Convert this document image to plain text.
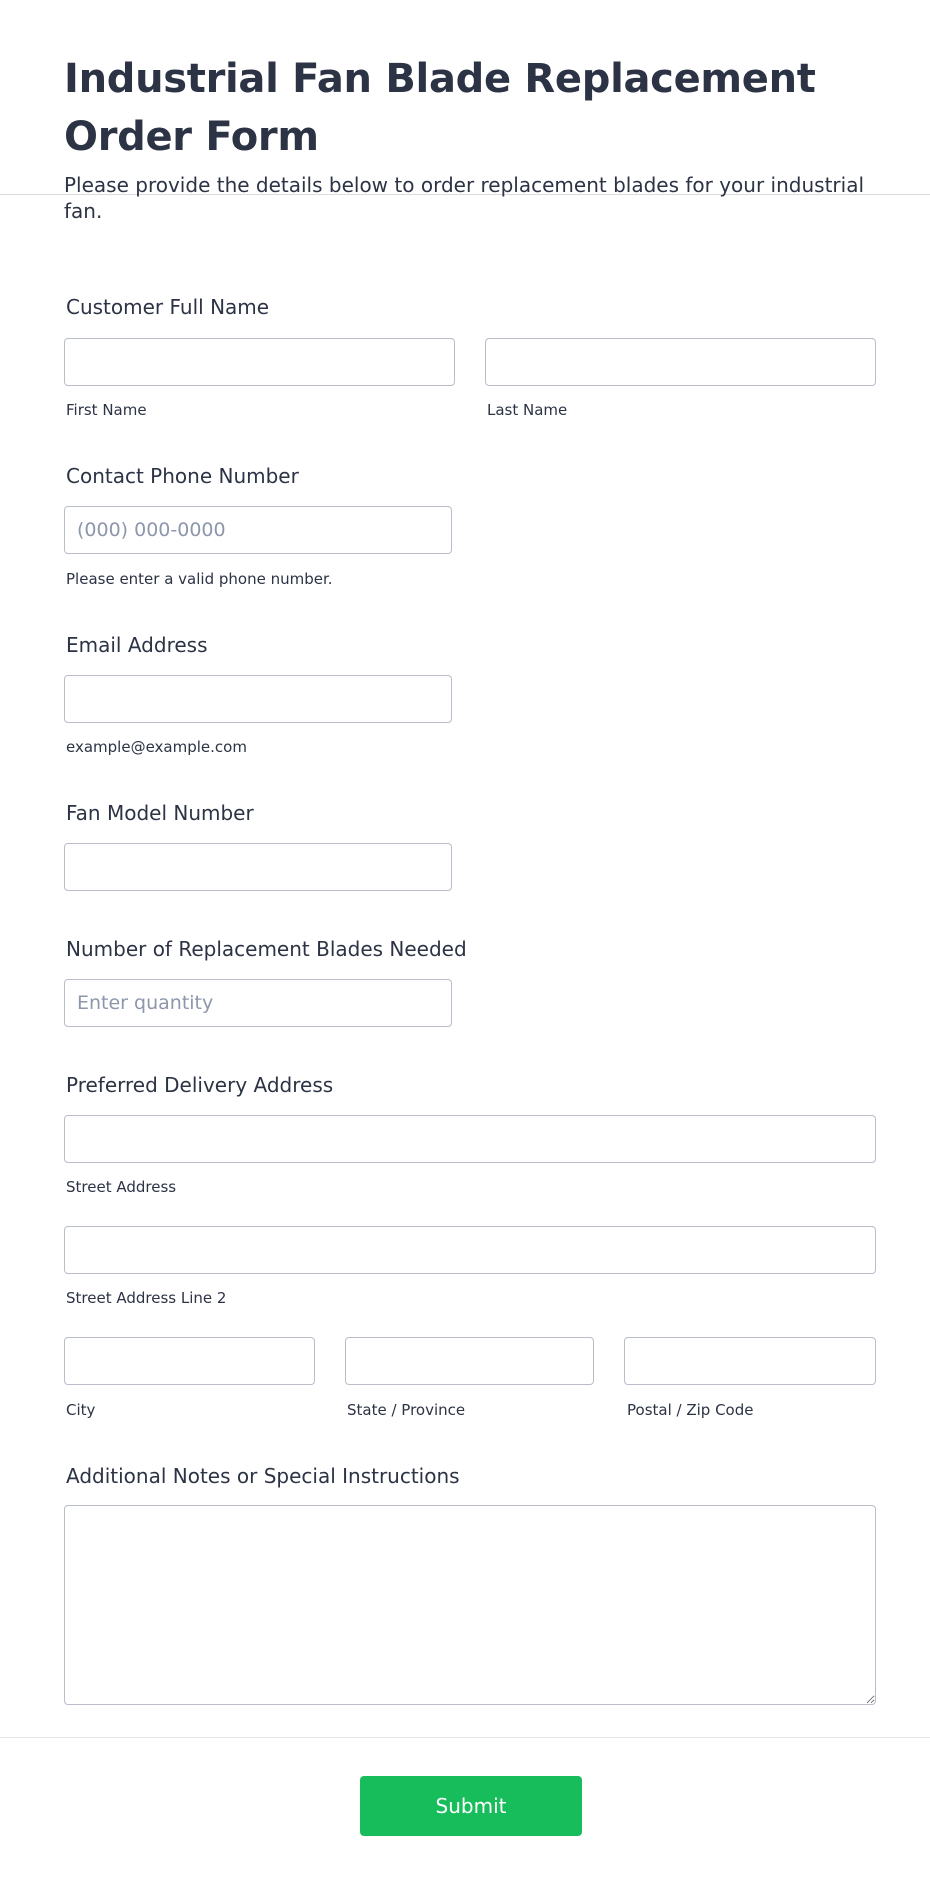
Industrial Fan Blade Replacement Order Form

Please provide the details below to order replacement blades for your industrial fan.

Customer Full Name
First Name	Last Name
Contact Phone Number
(000) 000-0000
Please enter a valid phone number.
Email Address
example@example.com
Fan Model Number
Number of Replacement Blades Needed
Enter quantity
Preferred Delivery Address
Street Address
Street Address Line 2
City	State / Province	Postal / Zip Code
Additional Notes or Special Instructions
Submit
